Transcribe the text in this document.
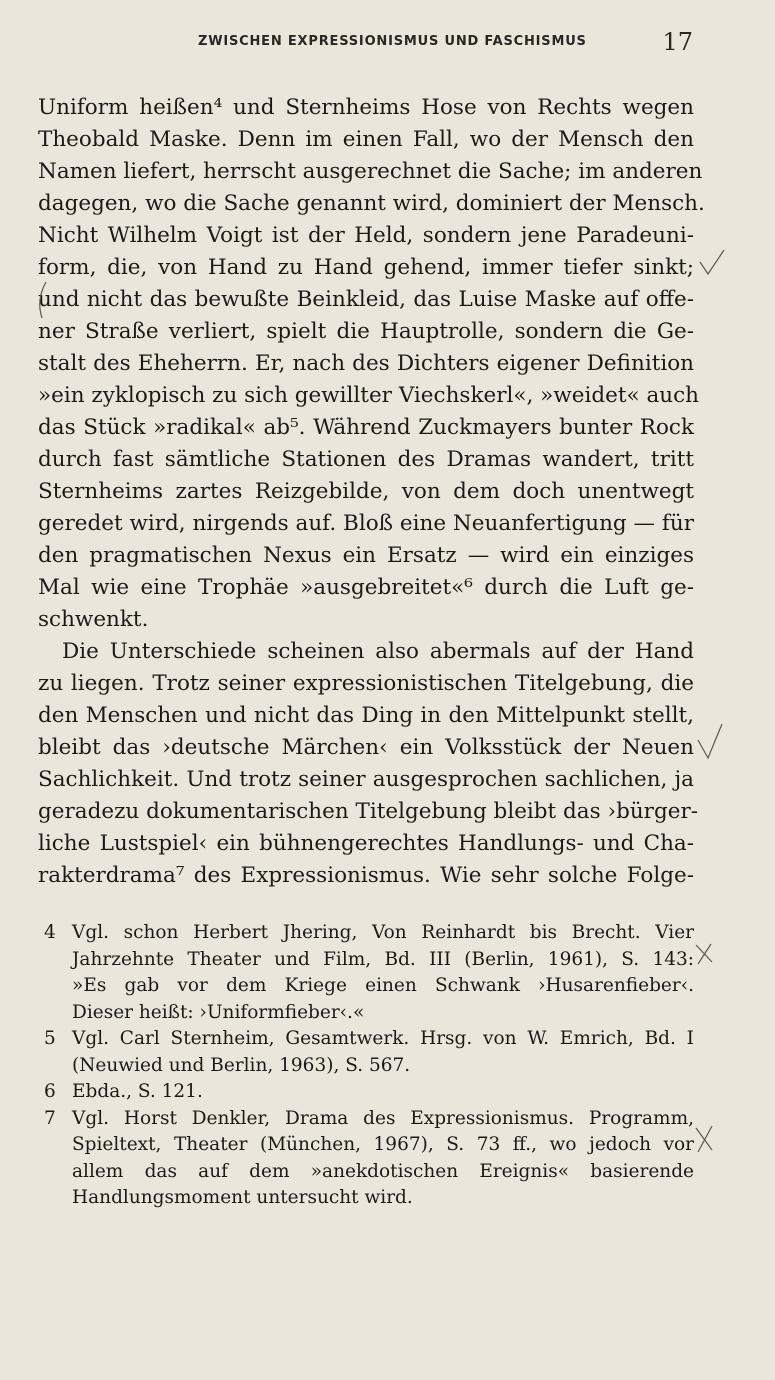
ZWISCHEN EXPRESSIONISMUS UND FASCHISMUS	17
Uniform heißen⁴ und Sternheims Hose von Rechts wegen
Theobald Maske. Denn im einen Fall, wo der Mensch den
Namen liefert, herrscht ausgerechnet die Sache; im anderen
dagegen, wo die Sache genannt wird, dominiert der Mensch.
Nicht Wilhelm Voigt ist der Held, sondern jene Paradeuni-
form, die, von Hand zu Hand gehend, immer tiefer sinkt;
und nicht das bewußte Beinkleid, das Luise Maske auf offe-
ner Straße verliert, spielt die Hauptrolle, sondern die Ge-
stalt des Eheherrn. Er, nach des Dichters eigener Definition
»ein zyklopisch zu sich gewillter Viechskerl«, »weidet« auch
das Stück »radikal« ab⁵. Während Zuckmayers bunter Rock
durch fast sämtliche Stationen des Dramas wandert, tritt
Sternheims zartes Reizgebilde, von dem doch unentwegt
geredet wird, nirgends auf. Bloß eine Neuanfertigung — für
den pragmatischen Nexus ein Ersatz — wird ein einziges
Mal wie eine Trophäe »ausgebreitet«⁶ durch die Luft ge-
schwenkt.
Die Unterschiede scheinen also abermals auf der Hand
zu liegen. Trotz seiner expressionistischen Titelgebung, die
den Menschen und nicht das Ding in den Mittelpunkt stellt,
bleibt das ›deutsche Märchen‹ ein Volksstück der Neuen
Sachlichkeit. Und trotz seiner ausgesprochen sachlichen, ja
geradezu dokumentarischen Titelgebung bleibt das ›bürger-
liche Lustspiel‹ ein bühnengerechtes Handlungs- und Cha-
rakterdrama⁷ des Expressionismus. Wie sehr solche Folge-
4 Vgl. schon Herbert Jhering, Von Reinhardt bis Brecht. Vier
Jahrzehnte Theater und Film, Bd. III (Berlin, 1961), S. 143:
»Es gab vor dem Kriege einen Schwank ›Husarenfieber‹.
Dieser heißt: ›Uniformfieber‹.«
5 Vgl. Carl Sternheim, Gesamtwerk. Hrsg. von W. Emrich, Bd. I
(Neuwied und Berlin, 1963), S. 567.
6 Ebda., S. 121.
7 Vgl. Horst Denkler, Drama des Expressionismus. Programm,
Spieltext, Theater (München, 1967), S. 73 ff., wo jedoch vor
allem das auf dem »anekdotischen Ereignis« basierende
Handlungsmoment untersucht wird.
